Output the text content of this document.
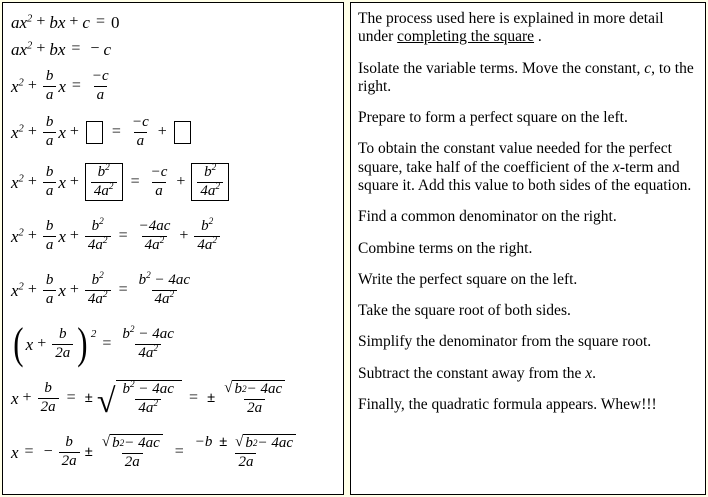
$ax^2$ + bx + c = 0
$ax^2$ + bx = − c
$x^2 + \frac{b}{a}$ $x = \frac{-c}{a}$
$x^2 + \frac{b}{a}$ x + = $\frac{-c}{a}$ +
$x^2 + \frac{b}{a}$ $x + \frac{b^2}{4a^2} = \frac{-c}{a} + \frac{b^2}{4a^2}$
$x^2 + \frac{b}{a}$ $x + \frac{b^2}{4a^2} = \frac{-4ac}{4a^2} + \frac{b^2}{4a^2}$
$x^2 + \frac{b}{a}$ $x + \frac{b^2}{4a^2} = \frac{b^2 - 4ac}{4a^2}$
( $x + \frac{b}{2a}$ ) 2
= $\frac{b^2 - 4ac}{4a^2}$
$x + \frac{b}{2a}$ = ± √ $\frac{b^2 - 4ac}{4a^2}$ = ± $\frac{√ b 2 - 4ac}{2a}$
x = − $\frac{b}{2a} \pm \frac{√ b 2 - 4ac}{2a}$ =
−b ± √ b 2 − 4ac
2a

The process used here is explained in more detail under completing the square .

Isolate the variable terms. Move the constant, c, to the right.

Prepare to form a perfect square on the left.

To obtain the constant value needed for the perfect square, take half of the coefficient of the x-term and square it. Add this value to both sides of the equation.

Find a common denominator on the right.

Combine terms on the right.

Write the perfect square on the left.

Take the square root of both sides.

Simplify the denominator from the square root.

Subtract the constant away from the x.

Finally, the quadratic formula appears. Whew!!!
